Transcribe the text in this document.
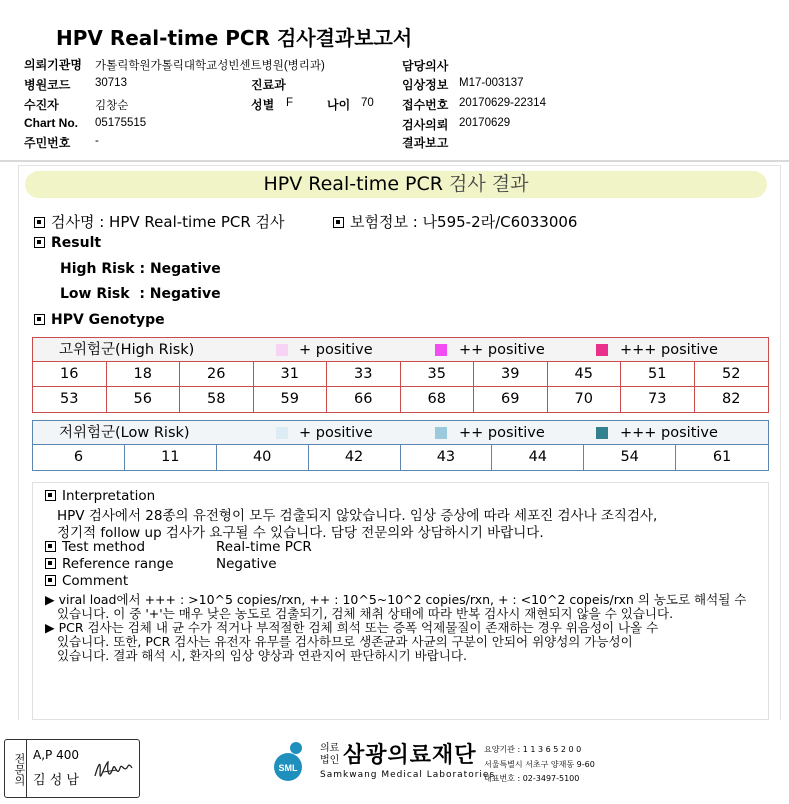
HPV Real-time PCR 검사결과보고서
의뢰기관명 가톨릭학원가톨릭대학교성빈센트병원(병리과)
병원코드 30713
수진자	김창순
Chart No. 05175515
주민번호 -
진료과
성별 F	나이 70
담당의사
임상정보 M17-003137
접수번호 20170629-22314
검사의뢰 20170629
결과보고
HPV Real-time PCR 검사 결과
검사명 : HPV Real-time PCR 검사	보험정보 : 나595-2라/C6033006
Result
High Risk : Negative
Low Risk  : Negative
HPV Genotype
고위험군(High Risk)	+ positive	++ positive	+++ positive
16	18	26	31	33	35	39	45	51	52
53	56	58	59	66	68	69	70	73	82
저위험군(Low Risk)	+ positive	++ positive	+++ positive
6	11	40	42	43	44	54	61
Interpretation
HPV 검사에서 28종의 유전형이 모두 검출되지 않았습니다. 임상 증상에 따라 세포진 검사나 조직검사,
정기적 follow up 검사가 요구될 수 있습니다. 담당 전문의와 상담하시기 바랍니다.
Test method	Real-time PCR
Reference range	Negative
Comment
▶ viral load에서 +++ : >10^5 copies/rxn, ++ : 10^5~10^2 copies/rxn, + : <10^2 copeis/rxn 의 농도로 해석될 수
있습니다. 이 중 '+'는 매우 낮은 농도로 검출되기, 검체 채취 상태에 따라 반복 검사시 재현되지 않을 수 있습니다.
▶ PCR 검사는 검체 내 균 수가 적거나 부적절한 검체 희석 또는 증폭 억제물질이 존재하는 경우 위음성이 나올 수
있습니다. 또한, PCR 검사는 유전자 유무를 검사하므로 생존균과 사균의 구분이 안되어 위양성의 가능성이
있습니다. 결과 해석 시, 환자의 임상 양상과 연관지어 판단하시기 바랍니다.
전문의 A,P 400
김 성 남
SML
의료
법인 삼광의료재단
Samkwang Medical Laboratories
요양기관 : 1 1 3 6 5 2 0 0
서울특별시 서초구 양재동 9-60
대표번호 : 02-3497-5100
